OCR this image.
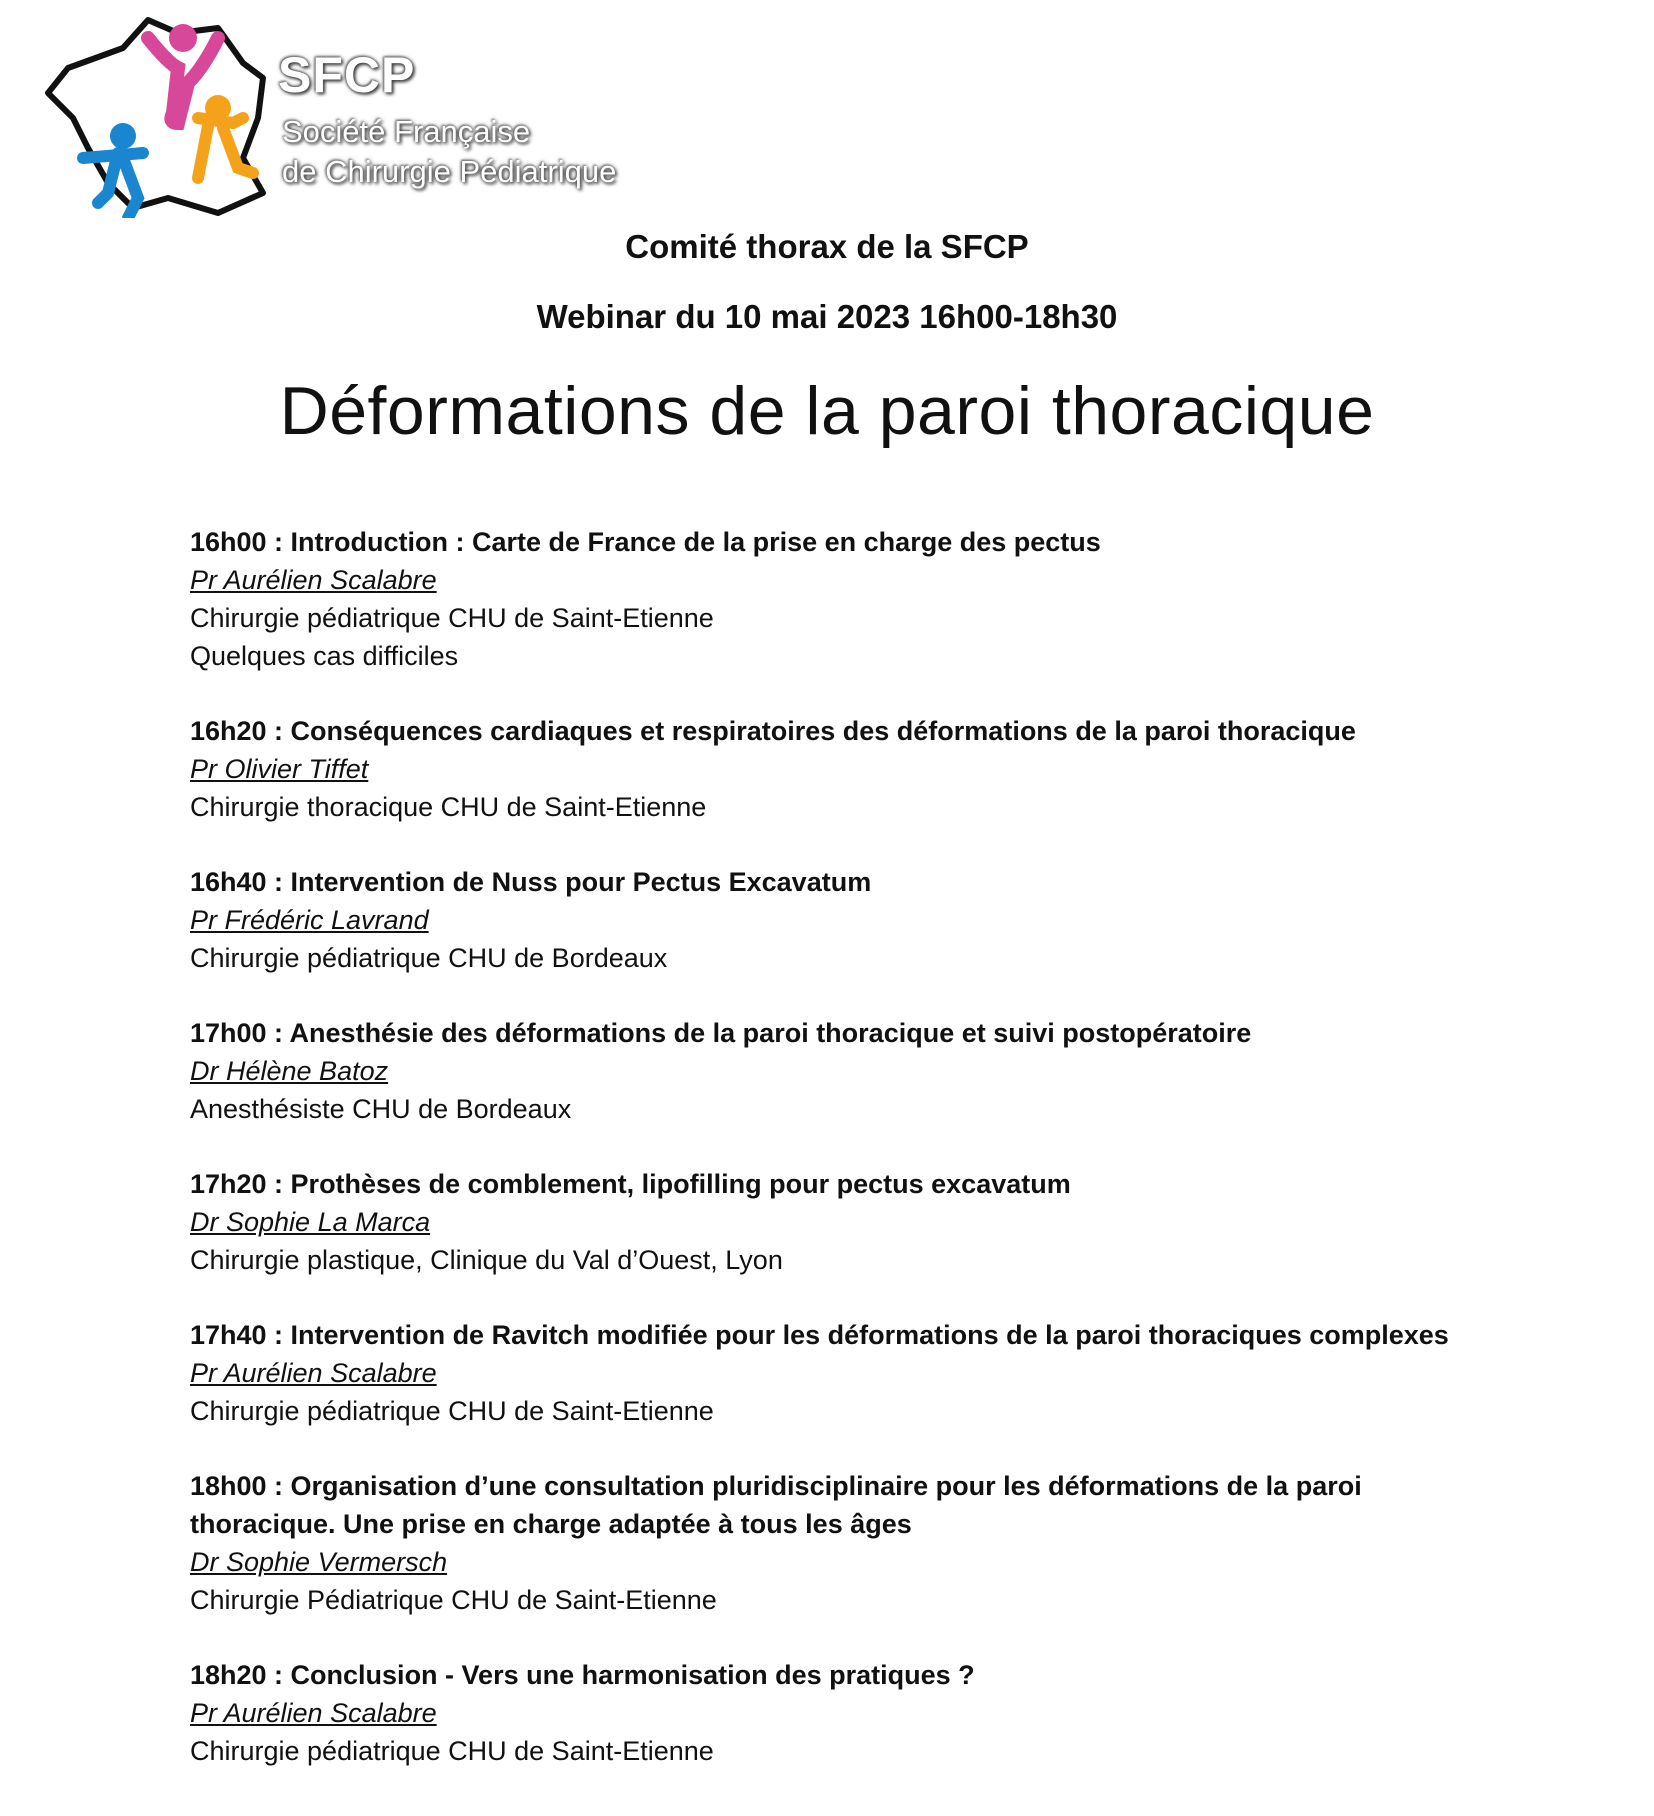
SFCP
Société Française
de Chirurgie Pédiatrique
Comité thorax de la SFCP
Webinar du 10 mai 2023 16h00-18h30
Déformations de la paroi thoracique
16h00 : Introduction : Carte de France de la prise en charge des pectus
Pr Aurélien Scalabre
Chirurgie pédiatrique CHU de Saint-Etienne
Quelques cas difficiles
16h20 : Conséquences cardiaques et respiratoires des déformations de la paroi thoracique
Pr Olivier Tiffet
Chirurgie thoracique CHU de Saint-Etienne
16h40 : Intervention de Nuss pour Pectus Excavatum
Pr Frédéric Lavrand
Chirurgie pédiatrique CHU de Bordeaux
17h00 : Anesthésie des déformations de la paroi thoracique et suivi postopératoire
Dr Hélène Batoz
Anesthésiste CHU de Bordeaux
17h20 : Prothèses de comblement, lipofilling pour pectus excavatum
Dr Sophie La Marca
Chirurgie plastique, Clinique du Val d’Ouest, Lyon
17h40 : Intervention de Ravitch modifiée pour les déformations de la paroi thoraciques complexes
Pr Aurélien Scalabre
Chirurgie pédiatrique CHU de Saint-Etienne
18h00 : Organisation d’une consultation pluridisciplinaire pour les déformations de la paroi thoracique. Une prise en charge adaptée à tous les âges
Dr Sophie Vermersch
Chirurgie Pédiatrique CHU de Saint-Etienne
18h20 : Conclusion - Vers une harmonisation des pratiques ?
Pr Aurélien Scalabre
Chirurgie pédiatrique CHU de Saint-Etienne
